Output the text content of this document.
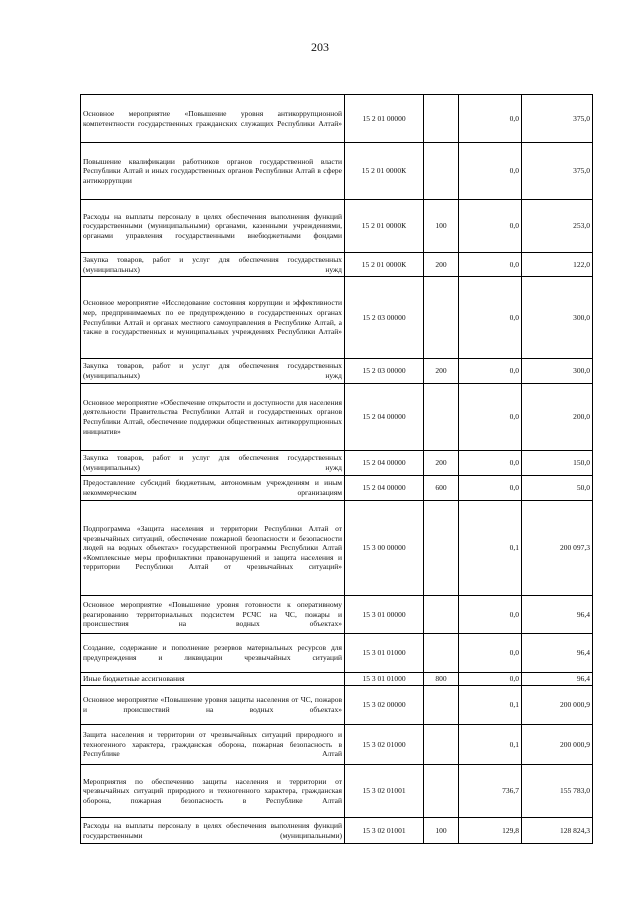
203
Основное мероприятие «Повышение уровня антикоррупционной компетентности государственных гражданских служащих Республики Алтай»	15 2 01 00000		0,0	375,0
Повышение квалификации работников органов государственной власти Республики Алтай и иных государственных органов Республики Алтай в сфере антикоррупции	15 2 01 0000К		0,0	375,0
Расходы на выплаты персоналу в целях обеспечения выполнения функций государственными (муниципальными) органами, казенными учреждениями, органами управления государственными внебюджетными фондами	15 2 01 0000К	100	0,0	253,0
Закупка товаров, работ и услуг для обеспечения государственных (муниципальных) нужд	15 2 01 0000К	200	0,0	122,0
Основное мероприятие «Исследование состояния коррупции и эффективности мер, предпринимаемых по ее предупреждению в государственных органах Республики Алтай и органах местного самоуправления в Республике Алтай, а также в государственных и муниципальных учреждениях Республики Алтай»	15 2 03 00000		0,0	300,0
Закупка товаров, работ и услуг для обеспечения государственных (муниципальных) нужд	15 2 03 00000	200	0,0	300,0
Основное мероприятие «Обеспечение открытости и доступности для населения деятельности Правительства Республики Алтай и государственных органов Республики Алтай, обеспечение поддержки общественных антикоррупционных инициатив»	15 2 04 00000		0,0	200,0
Закупка товаров, работ и услуг для обеспечения государственных (муниципальных) нужд	15 2 04 00000	200	0,0	150,0
Предоставление субсидий бюджетным, автономным учреждениям и иным некоммерческим организациям	15 2 04 00000	600	0,0	50,0
Подпрограмма «Защита населения и территории Республики Алтай от чрезвычайных ситуаций, обеспечение пожарной безопасности и безопасности людей на водных объектах» государственной программы Республики Алтай «Комплексные меры профилактики правонарушений и защита населения и территории Республики Алтай от чрезвычайных ситуаций»	15 3 00 00000		0,1	200 097,3
Основное мероприятие «Повышение уровня готовности к оперативному реагированию территориальных подсистем РСЧС на ЧС, пожары и происшествия на водных объектах»	15 3 01 00000		0,0	96,4
Создание, содержание и пополнение резервов материальных ресурсов для предупреждения и ликвидации чрезвычайных ситуаций	15 3 01 01000		0,0	96,4
Иные бюджетные ассигнования	15 3 01 01000	800	0,0	96,4
Основное мероприятие «Повышение уровня защиты населения от ЧС, пожаров и происшествий на водных объектах»	15 3 02 00000		0,1	200 000,9
Защита населения и территории от чрезвычайных ситуаций природного и техногенного характера, гражданская оборона, пожарная безопасность в Республике Алтай	15 3 02 01000		0,1	200 000,9
Мероприятия по обеспечению защиты населения и территории от чрезвычайных ситуаций природного и техногенного характера, гражданская оборона, пожарная безопасность в Республике Алтай	15 3 02 01001		736,7	155 783,0
Расходы на выплаты персоналу в целях обеспечения выполнения функций государственными (муниципальными)	15 3 02 01001	100	129,8	128 824,3
